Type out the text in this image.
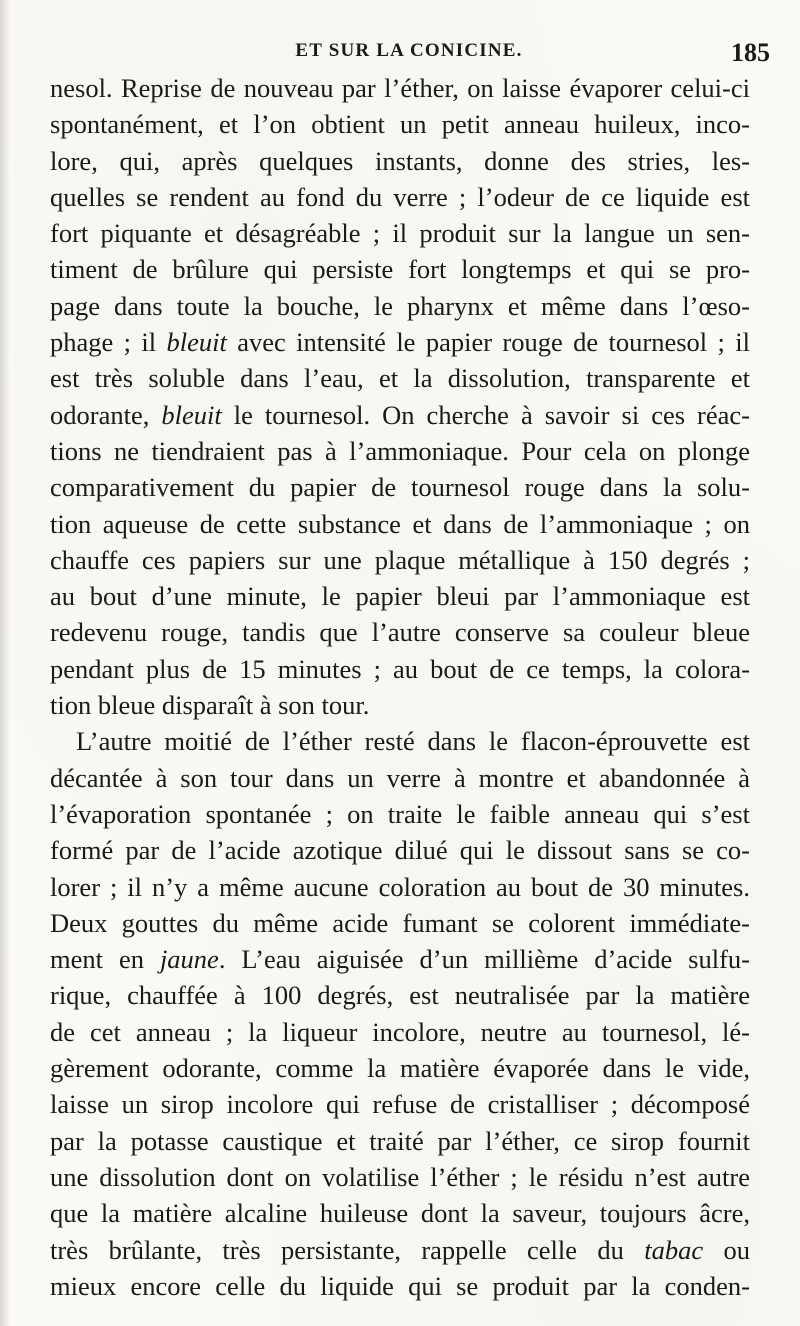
ET SUR LA CONICINE.	185
nesol. Reprise de nouveau par l’éther, on laisse évaporer celui-ci
spontanément, et l’on obtient un petit anneau huileux, inco-
lore, qui, après quelques instants, donne des stries, les-
quelles se rendent au fond du verre ; l’odeur de ce liquide est
fort piquante et désagréable ; il produit sur la langue un sen-
timent de brûlure qui persiste fort longtemps et qui se pro-
page dans toute la bouche, le pharynx et même dans l’œso-
phage ; il bleuit avec intensité le papier rouge de tournesol ; il
est très soluble dans l’eau, et la dissolution, transparente et
odorante, bleuit le tournesol. On cherche à savoir si ces réac-
tions ne tiendraient pas à l’ammoniaque. Pour cela on plonge
comparativement du papier de tournesol rouge dans la solu-
tion aqueuse de cette substance et dans de l’ammoniaque ; on
chauffe ces papiers sur une plaque métallique à 150 degrés ;
au bout d’une minute, le papier bleui par l’ammoniaque est
redevenu rouge, tandis que l’autre conserve sa couleur bleue
pendant plus de 15 minutes ; au bout de ce temps, la colora-
tion bleue disparaît à son tour.
L’autre moitié de l’éther resté dans le flacon-éprouvette est
décantée à son tour dans un verre à montre et abandonnée à
l’évaporation spontanée ; on traite le faible anneau qui s’est
formé par de l’acide azotique dilué qui le dissout sans se co-
lorer ; il n’y a même aucune coloration au bout de 30 minutes.
Deux gouttes du même acide fumant se colorent immédiate-
ment en jaune. L’eau aiguisée d’un millième d’acide sulfu-
rique, chauffée à 100 degrés, est neutralisée par la matière
de cet anneau ; la liqueur incolore, neutre au tournesol, lé-
gèrement odorante, comme la matière évaporée dans le vide,
laisse un sirop incolore qui refuse de cristalliser ; décomposé
par la potasse caustique et traité par l’éther, ce sirop fournit
une dissolution dont on volatilise l’éther ; le résidu n’est autre
que la matière alcaline huileuse dont la saveur, toujours âcre,
très brûlante, très persistante, rappelle celle du tabac ou
mieux encore celle du liquide qui se produit par la conden-
